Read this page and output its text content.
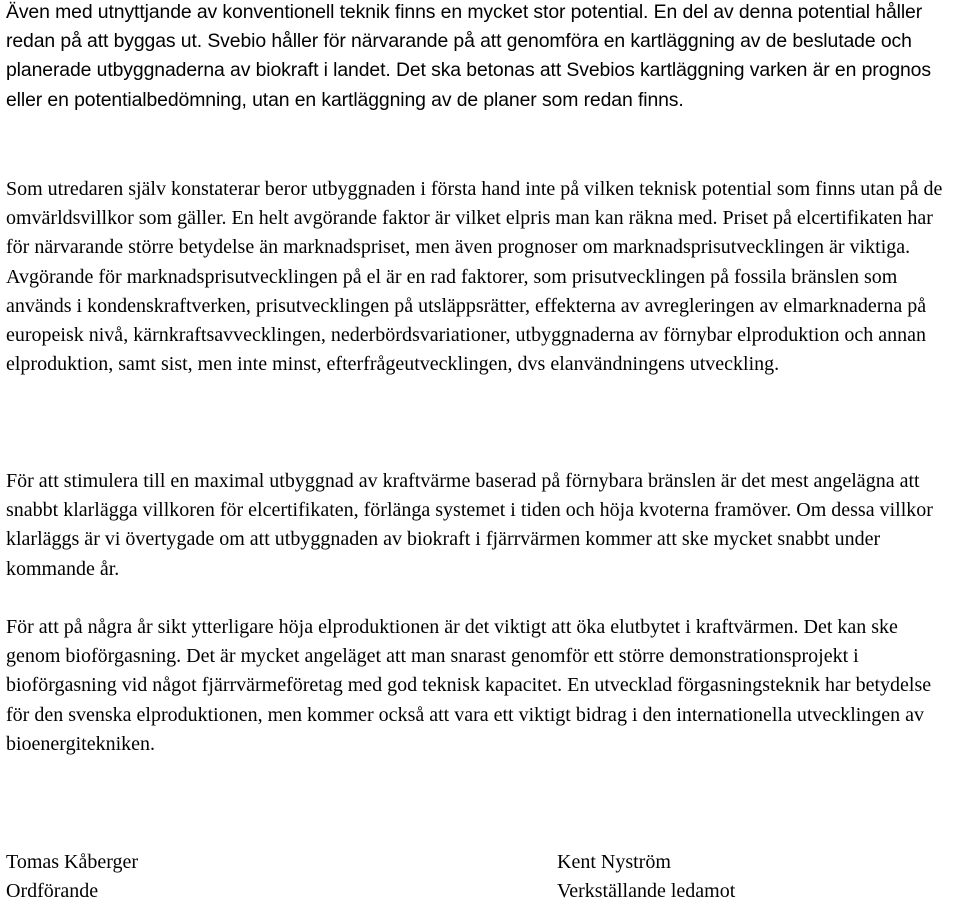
Även med utnyttjande av konventionell teknik finns en mycket stor potential. En del av denna potential håller redan på att byggas ut. Svebio håller för närvarande på att genomföra en kartläggning av de beslutade och planerade utbyggnaderna av biokraft i landet. Det ska betonas att Svebios kartläggning varken är en prognos eller en potentialbedömning, utan en kartläggning av de planer som redan finns.

Som utredaren själv konstaterar beror utbyggnaden i första hand inte på vilken teknisk potential som finns utan på de omvärldsvillkor som gäller. En helt avgörande faktor är vilket elpris man kan räkna med. Priset på elcertifikaten har för närvarande större betydelse än marknadspriset, men även prognoser om marknadsprisutvecklingen är viktiga. Avgörande för marknadsprisutvecklingen på el är en rad faktorer, som prisutvecklingen på fossila bränslen som används i kondenskraftverken, prisutvecklingen på utsläppsrätter, effekterna av avregleringen av elmarknaderna på europeisk nivå, kärnkraftsavvecklingen, nederbördsvariationer, utbyggnaderna av förnybar elproduktion och annan elproduktion, samt sist, men inte minst, efterfrågeutvecklingen, dvs elanvändningens utveckling.

För att stimulera till en maximal utbyggnad av kraftvärme baserad på förnybara bränslen är det mest angelägna att snabbt klarlägga villkoren för elcertifikaten, förlänga systemet i tiden och höja kvoterna framöver. Om dessa villkor klarläggs är vi övertygade om att utbyggnaden av biokraft i fjärrvärmen kommer att ske mycket snabbt under kommande år.

För att på några år sikt ytterligare höja elproduktionen är det viktigt att öka elutbytet i kraftvärmen. Det kan ske genom bioförgasning. Det är mycket angeläget att man snarast genomför ett större demonstrationsprojekt i bioförgasning vid något fjärrvärmeföretag med god teknisk kapacitet. En utvecklad förgasningsteknik har betydelse för den svenska elproduktionen, men kommer också att vara ett viktigt bidrag i den internationella utvecklingen av bioenergitekniken.

Tomas Kåberger
Ordförande
Kent Nyström
Verkställande ledamot
